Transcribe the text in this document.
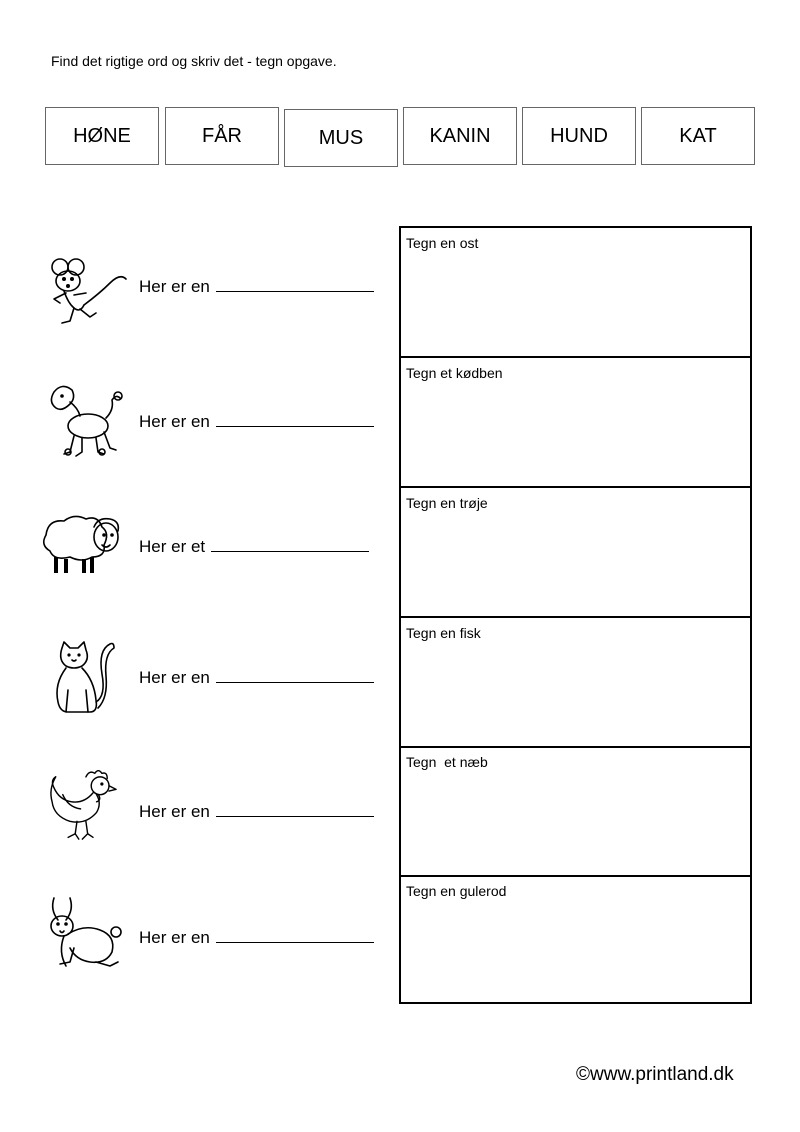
Find det rigtige ord og skriv det - tegn opgave.
HØNE	FÅR	MUS	KANIN	HUND	KAT
Her er en
Her er en
Her er et
Her er en
Her er en
Her er en
Tegn en ost
Tegn et kødben
Tegn en trøje
Tegn en fisk
Tegn  et næb
Tegn en gulerod
©www.printland.dk
